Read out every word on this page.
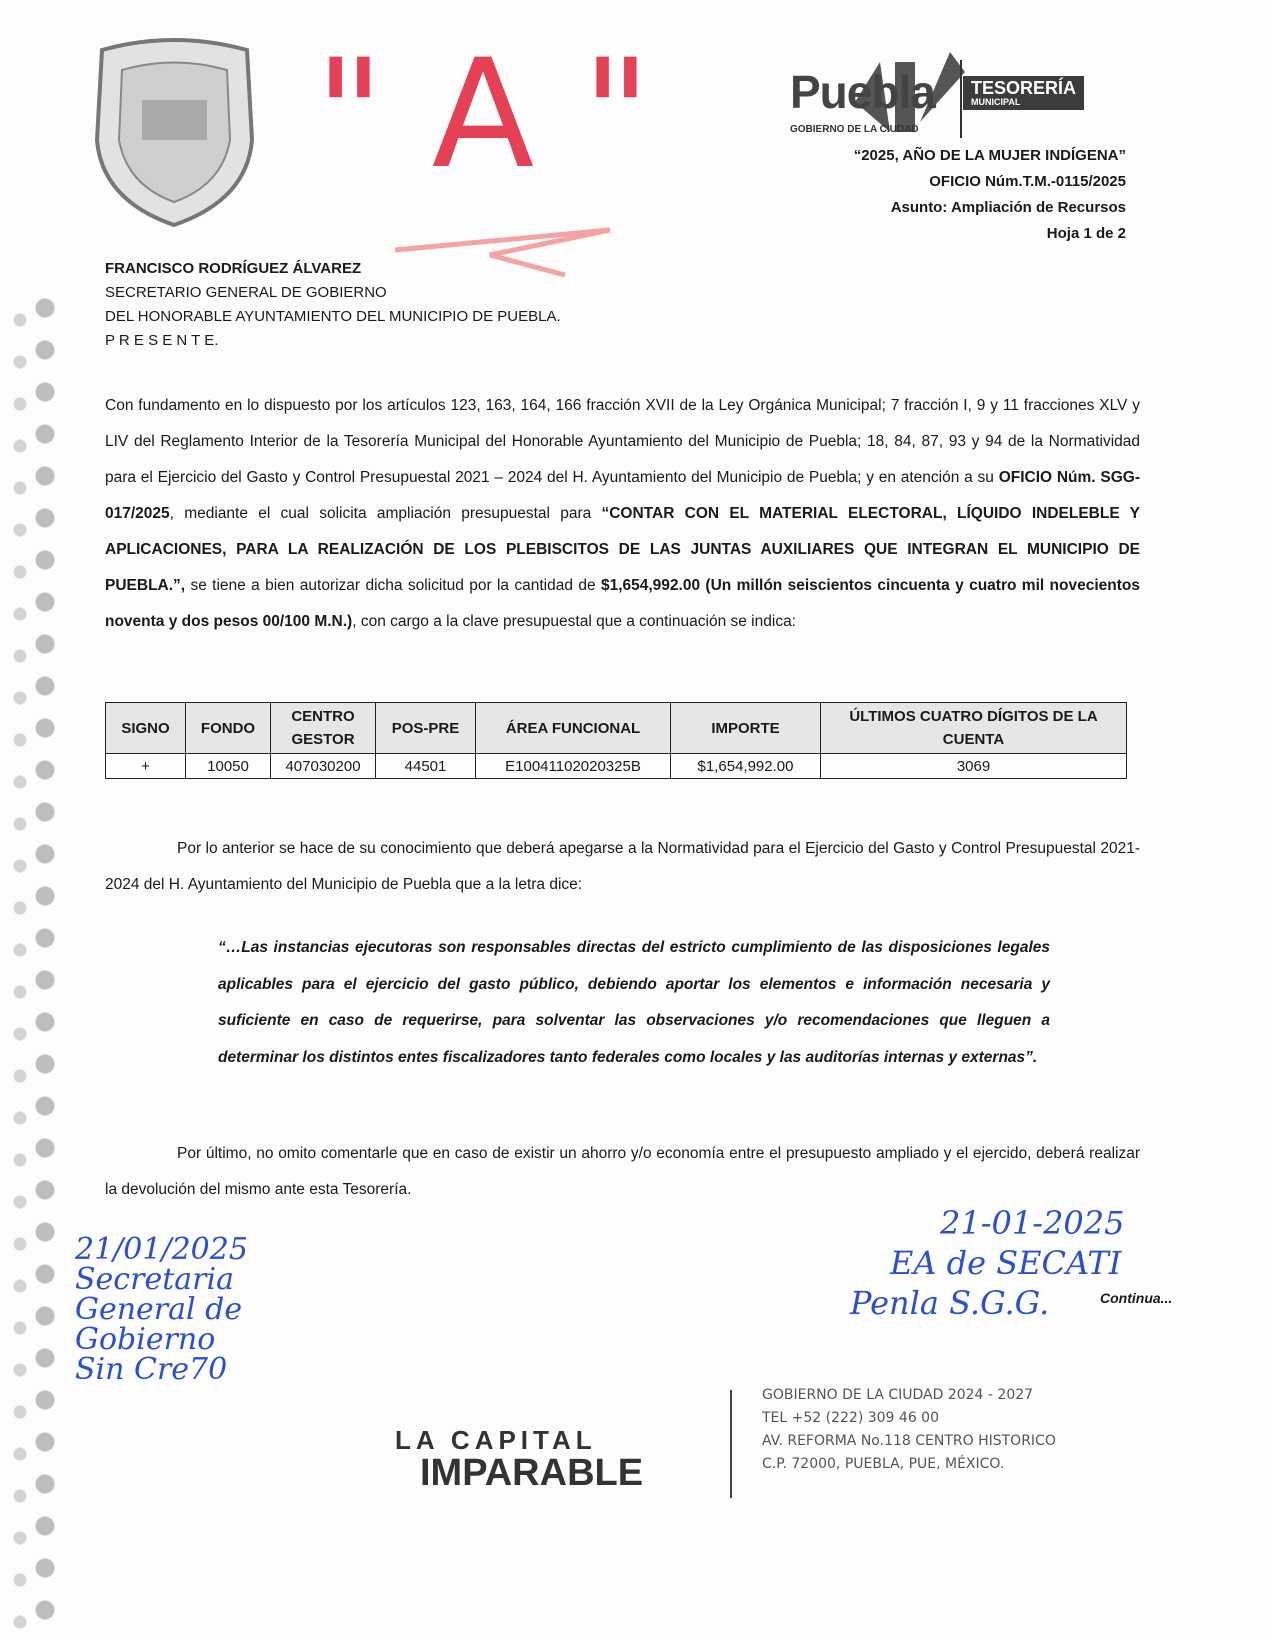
" A "	Puebla
GOBIERNO DE LA CIUDAD
TESORERÍA
MUNICIPAL
“2025, AÑO DE LA MUJER INDÍGENA”
OFICIO Núm.T.M.-0115/2025
Asunto: Ampliación de Recursos
Hoja 1 de 2
FRANCISCO RODRÍGUEZ ÁLVAREZ
SECRETARIO GENERAL DE GOBIERNO
DEL HONORABLE AYUNTAMIENTO DEL MUNICIPIO DE PUEBLA.
P R E S E N T E.
Con fundamento en lo dispuesto por los artículos 123, 163, 164, 166 fracción XVII de la Ley Orgánica Municipal; 7 fracción I, 9 y 11 fracciones XLV y LIV del Reglamento Interior de la Tesorería Municipal del Honorable Ayuntamiento del Municipio de Puebla; 18, 84, 87, 93 y 94 de la Normatividad para el Ejercicio del Gasto y Control Presupuestal 2021 – 2024 del H. Ayuntamiento del Municipio de Puebla; y en atención a su OFICIO Núm. SGG-017/2025, mediante el cual solicita ampliación presupuestal para “CONTAR CON EL MATERIAL ELECTORAL, LÍQUIDO INDELEBLE Y APLICACIONES, PARA LA REALIZACIÓN DE LOS PLEBISCITOS DE LAS JUNTAS AUXILIARES QUE INTEGRAN EL MUNICIPIO DE PUEBLA.”, se tiene a bien autorizar dicha solicitud por la cantidad de $1,654,992.00 (Un millón seiscientos cincuenta y cuatro mil novecientos noventa y dos pesos 00/100 M.N.), con cargo a la clave presupuestal que a continuación se indica:
SIGNO	FONDO	CENTRO GESTOR	POS-PRE	ÁREA FUNCIONAL	IMPORTE	ÚLTIMOS CUATRO DÍGITOS DE LA CUENTA
+	10050	407030200	44501	E10041102020325B	$1,654,992.00	3069
Por lo anterior se hace de su conocimiento que deberá apegarse a la Normatividad para el Ejercicio del Gasto y Control Presupuestal 2021-2024 del H. Ayuntamiento del Municipio de Puebla que a la letra dice:
“…Las instancias ejecutoras son responsables directas del estricto cumplimiento de las disposiciones legales aplicables para el ejercicio del gasto público, debiendo aportar los elementos e información necesaria y suficiente en caso de requerirse, para solventar las observaciones y/o recomendaciones que lleguen a determinar los distintos entes fiscalizadores tanto federales como locales y las auditorías internas y externas”.
Por último, no omito comentarle que en caso de existir un ahorro y/o economía entre el presupuesto ampliado y el ejercido, deberá realizar la devolución del mismo ante esta Tesorería.
21/01/2025
Secretaria
General de
Gobierno
Sin Cre70
21-01-2025
EA de SECATI
Penla S.G.G.	Continua...
LA CAPITAL
IMPARABLE
GOBIERNO DE LA CIUDAD 2024 - 2027
TEL +52 (222) 309 46 00
AV. REFORMA No.118 CENTRO HISTORICO
C.P. 72000, PUEBLA, PUE, MÉXICO.
